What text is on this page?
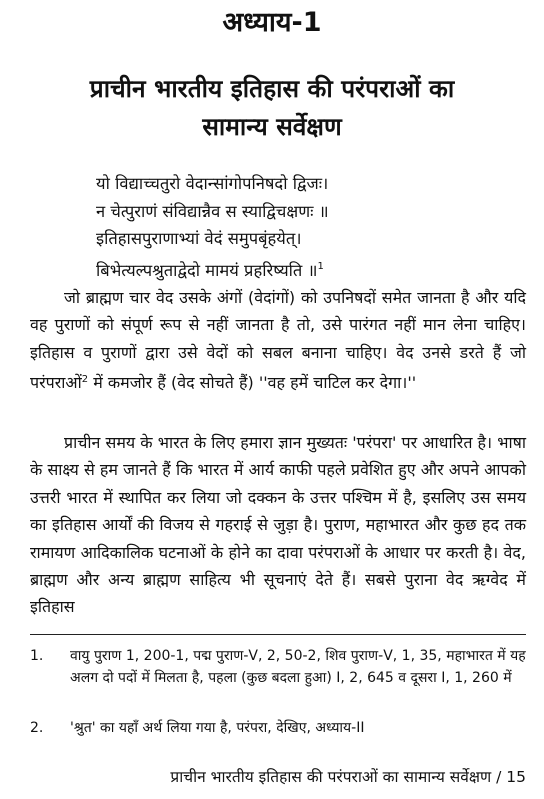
अध्याय-1
प्राचीन भारतीय इतिहास की परंपराओं का
सामान्य सर्वेक्षण
यो विद्याच्चतुरो वेदान्सांगोपनिषदो द्विजः।
न चेत्पुराणं संविद्यान्नैव स स्याद्विचक्षणः ॥
इतिहासपुराणाभ्यां वेदं समुपबृंहयेत्।
बिभेत्यल्पश्रुताद्वेदो मामयं प्रहरिष्यति ॥$^1$

जो ब्राह्मण चार वेद उसके अंगों (वेदांगों) को उपनिषदों समेत जानता है और यदि वह पुराणों को संपूर्ण रूप से नहीं जानता है तो, उसे पारंगत नहीं मान लेना चाहिए। इतिहास व पुराणों द्वारा उसे वेदों को सबल बनाना चाहिए। वेद उनसे डरते हैं जो परंपराओं$^2$ में कमजोर हैं (वेद सोचते हैं) ''वह हमें चाटिल कर देगा।''

प्राचीन समय के भारत के लिए हमारा ज्ञान मुख्यतः 'परंपरा' पर आधारित है। भाषा के साक्ष्य से हम जानते हैं कि भारत में आर्य काफी पहले प्रवेशित हुए और अपने आपको उत्तरी भारत में स्थापित कर लिया जो दक्कन के उत्तर पश्चिम में है, इसलिए उस समय का इतिहास आर्यों की विजय से गहराई से जुड़ा है। पुराण, महाभारत और कुछ हद तक रामायण आदिकालिक घटनाओं के होने का दावा परंपराओं के आधार पर करती है। वेद, ब्राह्मण और अन्य ब्राह्मण साहित्य भी सूचनाएं देते हैं। सबसे पुराना वेद ऋग्वेद में इतिहास

1.	वायु पुराण 1, 200-1, पद्म पुराण-V, 2, 50-2, शिव पुराण-V, 1, 35, महाभारत में यह अलग दो पदों में मिलता है, पहला (कुछ बदला हुआ) I, 2, 645 व दूसरा I, 1, 260 में
2.	'श्रुत' का यहाँ अर्थ लिया गया है, परंपरा, देखिए, अध्याय-II
प्राचीन भारतीय इतिहास की परंपराओं का सामान्य सर्वेक्षण / 15
